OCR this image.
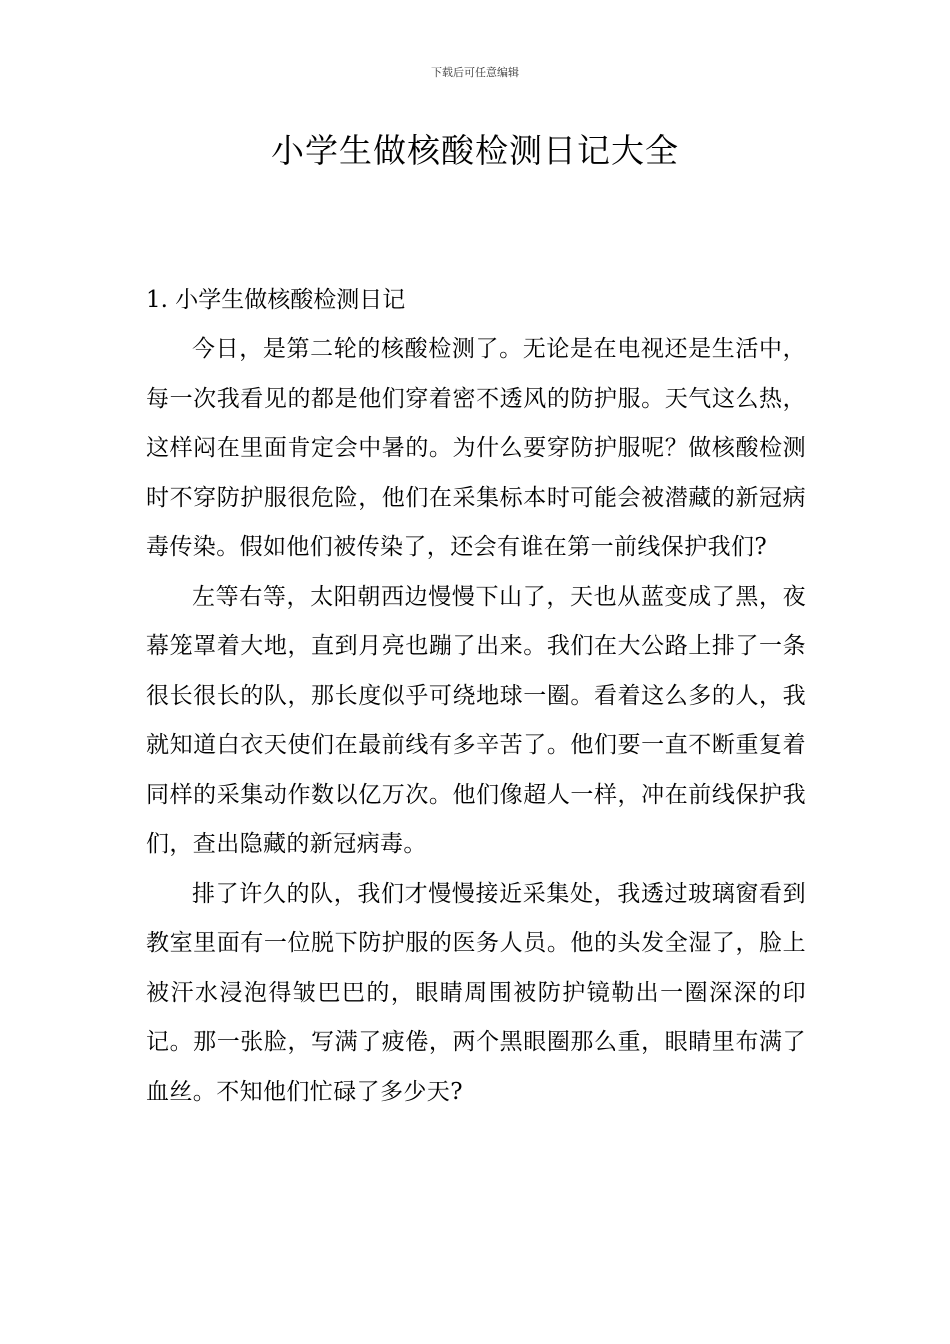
下载后可任意编辑
小学生做核酸检测日记大全

1. 小学生做核酸检测日记

今日，是第二轮的核酸检测了。无论是在电视还是生活中，每一次我看见的都是他们穿着密不透风的防护服。天气这么热，这样闷在里面肯定会中暑的。为什么要穿防护服呢？做核酸检测时不穿防护服很危险，他们在采集标本时可能会被潜藏的新冠病毒传染。假如他们被传染了，还会有谁在第一前线保护我们?

左等右等，太阳朝西边慢慢下山了，天也从蓝变成了黑，夜幕笼罩着大地，直到月亮也蹦了出来。我们在大公路上排了一条很长很长的队，那长度似乎可绕地球一圈。看着这么多的人，我就知道白衣天使们在最前线有多辛苦了。他们要一直不断重复着同样的采集动作数以亿万次。他们像超人一样，冲在前线保护我们，查出隐藏的新冠病毒。

排了许久的队，我们才慢慢接近采集处，我透过玻璃窗看到教室里面有一位脱下防护服的医务人员。他的头发全湿了，脸上被汗水浸泡得皱巴巴的，眼睛周围被防护镜勒出一圈深深的印记。那一张脸，写满了疲倦，两个黑眼圈那么重，眼睛里布满了血丝。不知他们忙碌了多少天?
